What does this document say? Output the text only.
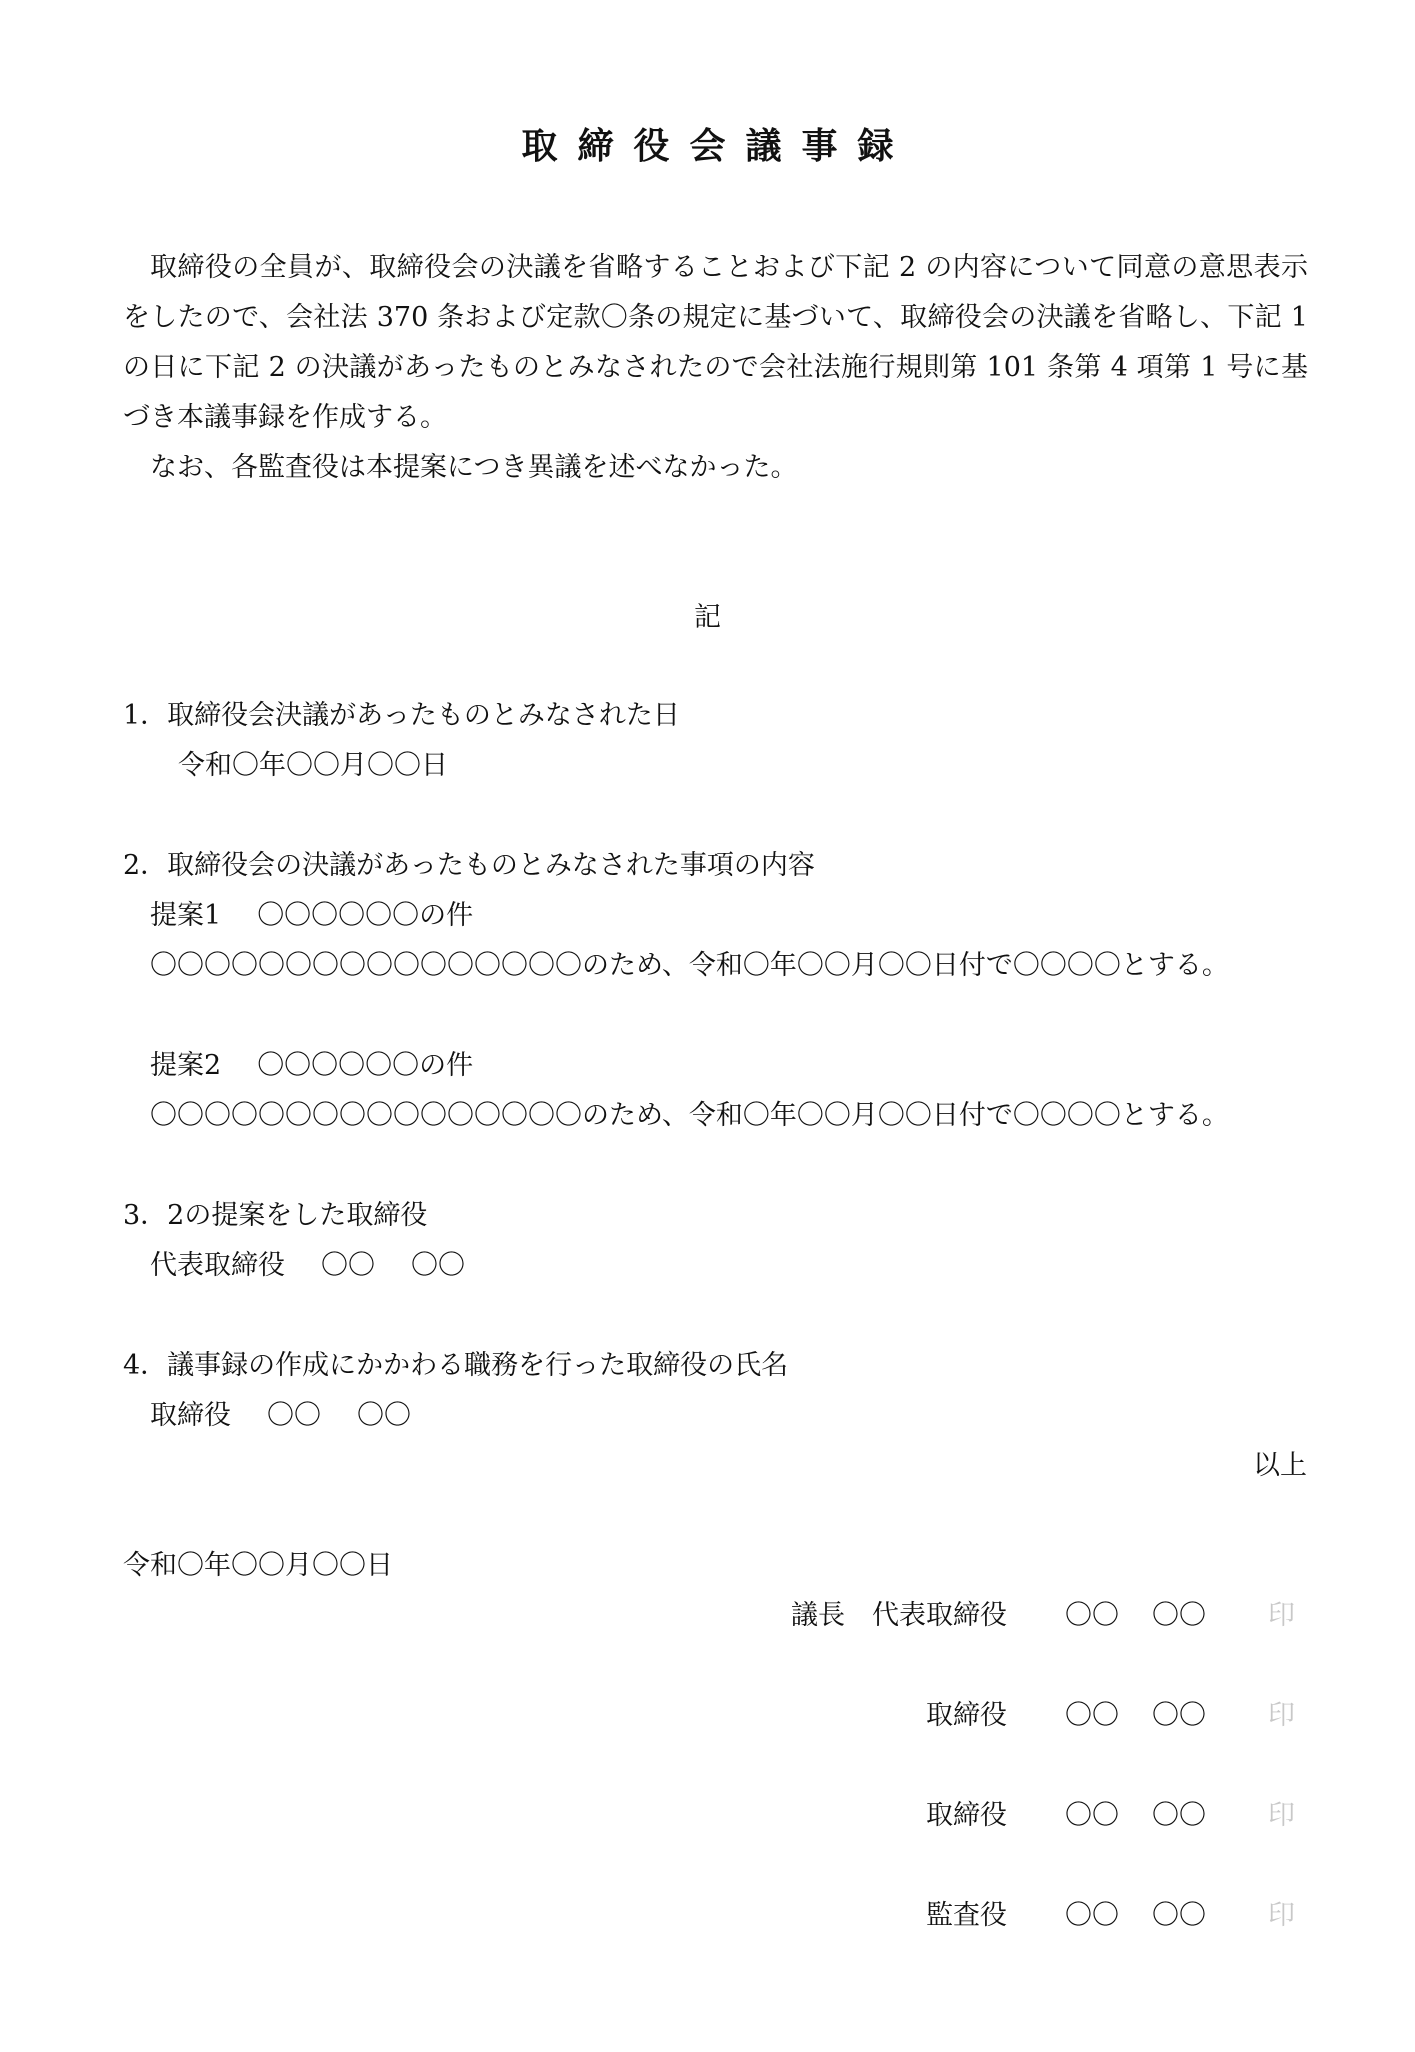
取締役会議事録

取締役の全員が、取締役会の決議を省略することおよび下記 2 の内容について同意の意思表示をしたので、会社法 370 条および定款〇条の規定に基づいて、取締役会の決議を省略し、下記 1 の日に下記 2 の決議があったものとみなされたので会社法施行規則第 101 条第 4 項第 1 号に基づき本議事録を作成する。

なお、各監査役は本提案につき異議を述べなかった。

記
1．取締役会決議があったものとみなされた日
令和〇年〇〇月〇〇日
2．取締役会の決議があったものとみなされた事項の内容
提案1 〇〇〇〇〇〇の件
〇〇〇〇〇〇〇〇〇〇〇〇〇〇〇〇のため、令和〇年〇〇月〇〇日付で〇〇〇〇とする。
提案2 〇〇〇〇〇〇の件
〇〇〇〇〇〇〇〇〇〇〇〇〇〇〇〇のため、令和〇年〇〇月〇〇日付で〇〇〇〇とする。
3．2の提案をした取締役
代表取締役 〇〇 〇〇
4．議事録の作成にかかわる職務を行った取締役の氏名
取締役 〇〇 〇〇
以上
令和〇年〇〇月〇〇日
議長　代表取締役 〇〇 〇〇 印
取締役 〇〇 〇〇 印
取締役 〇〇 〇〇 印
監査役 〇〇 〇〇 印
